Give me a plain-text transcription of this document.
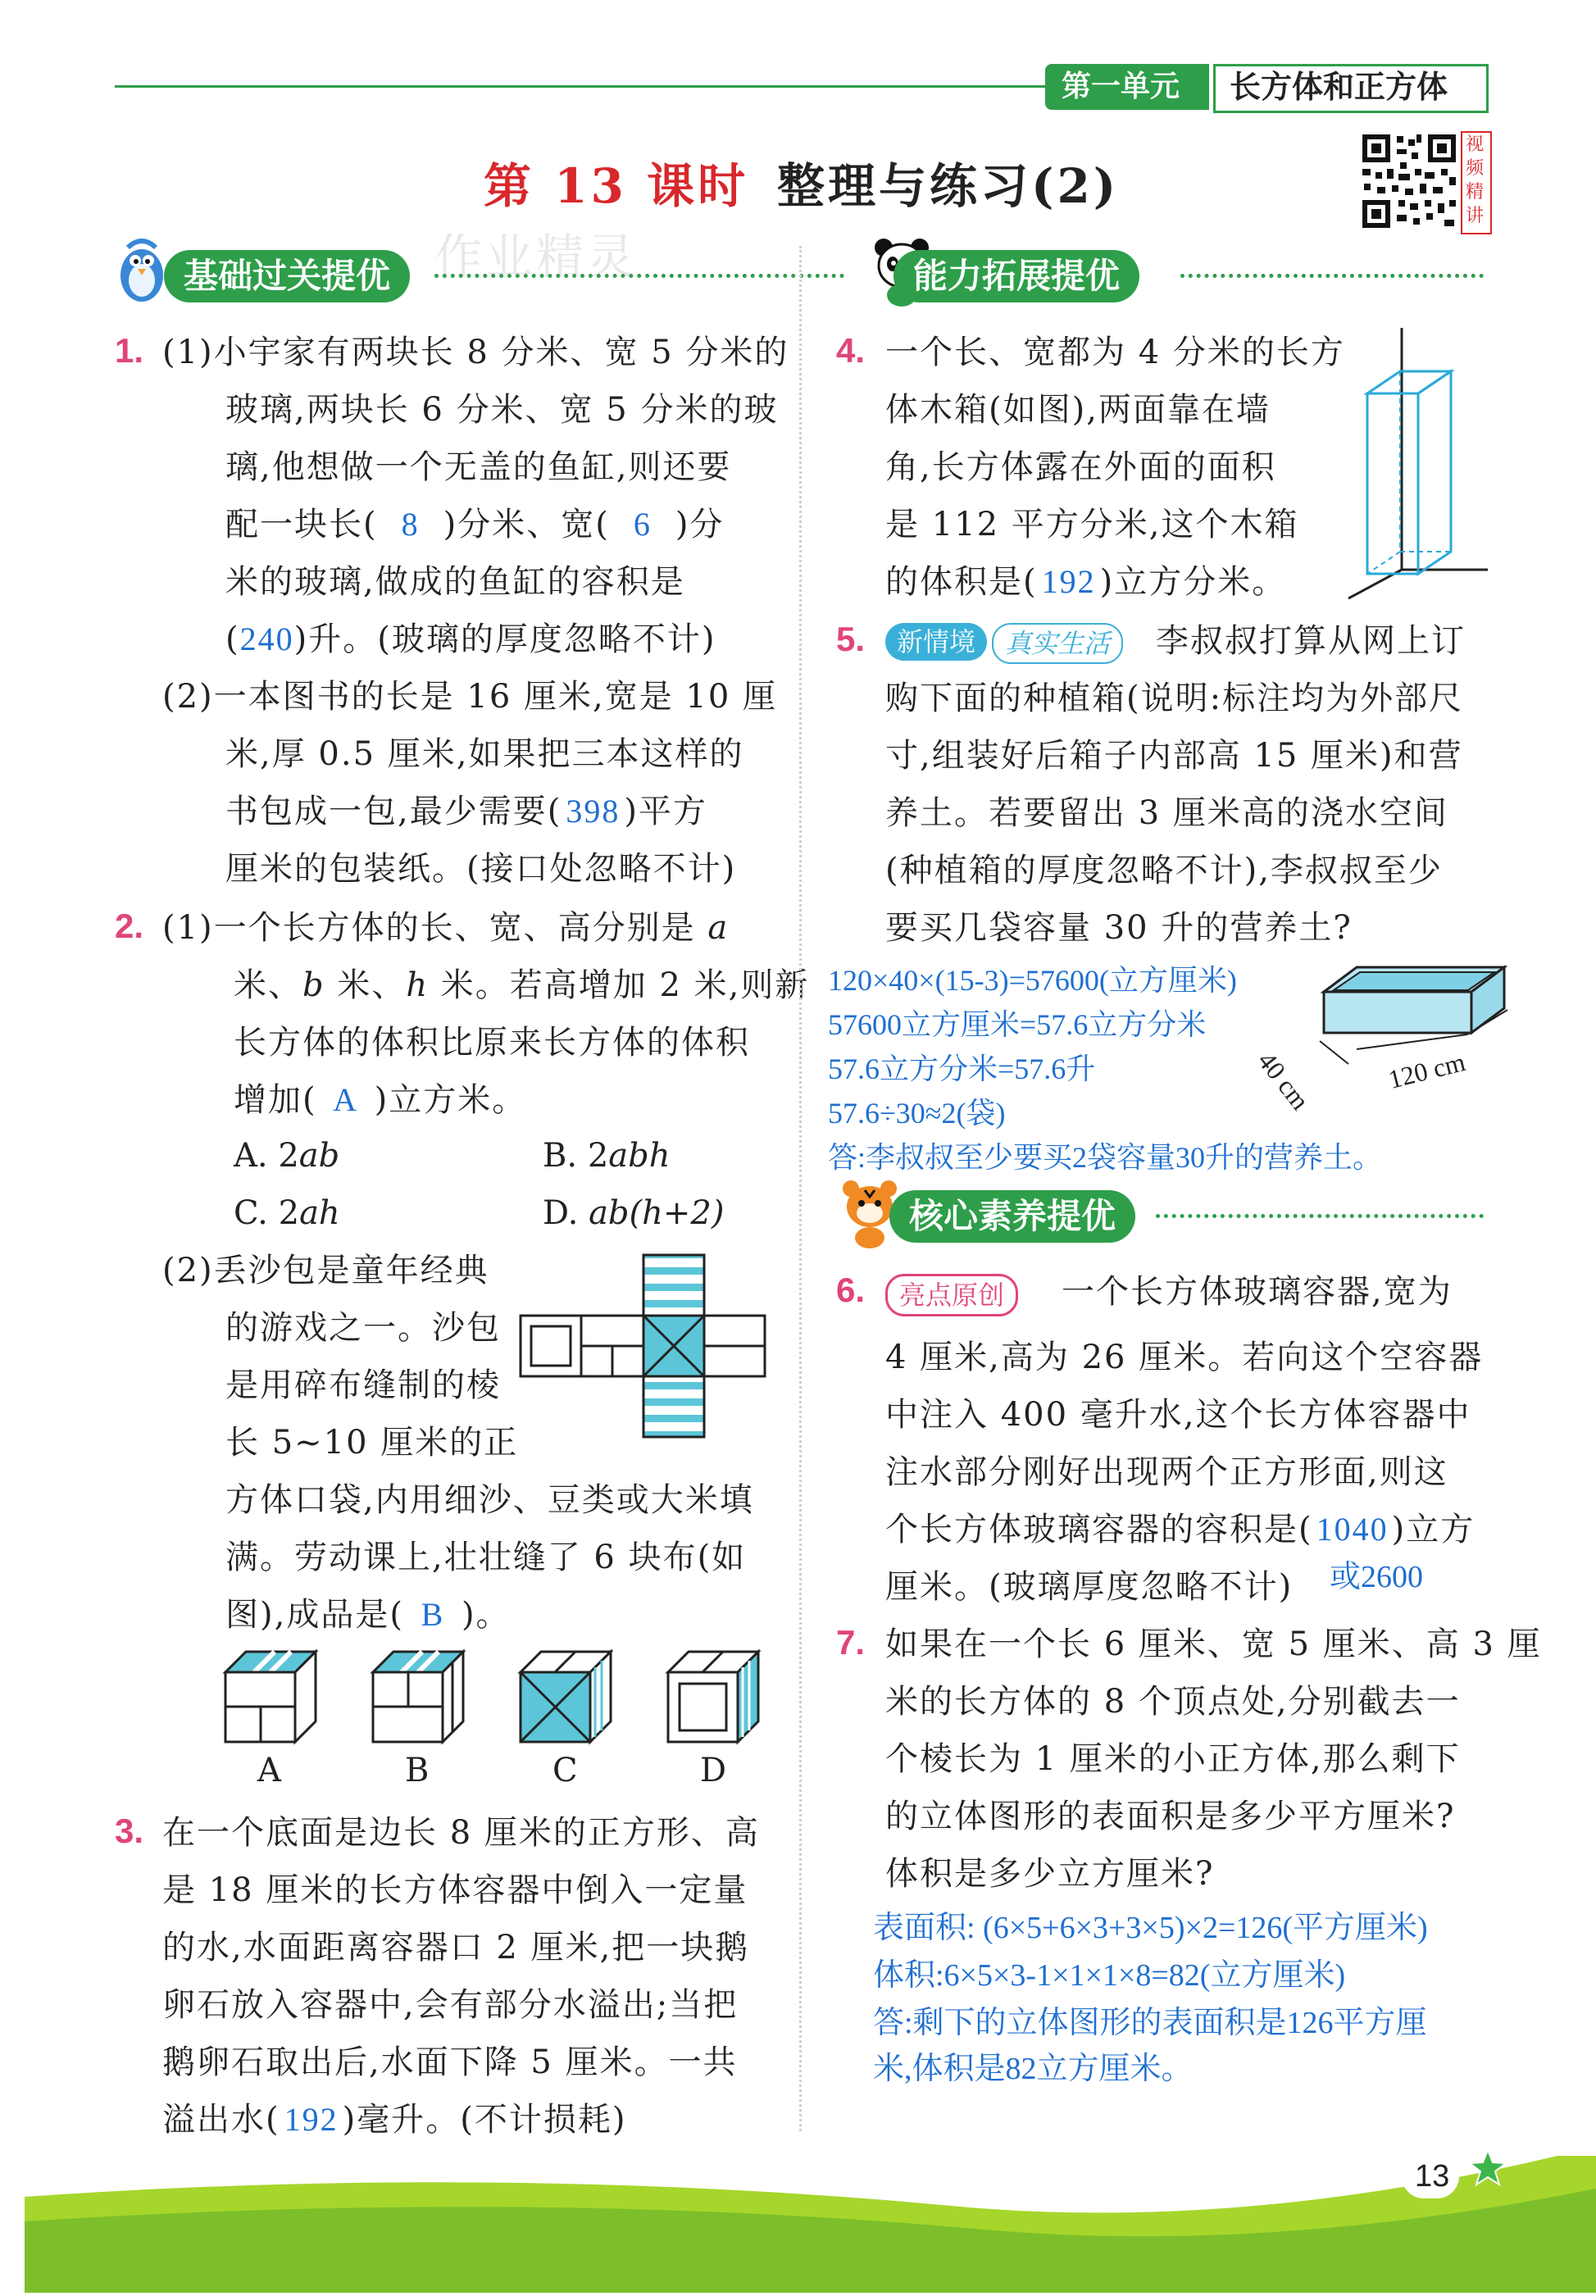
第一单元 长方体和正方体
第 13 课时 整理与练习(2)
视频精讲
基础过关提优 作业精灵
1. (1)小宇家有两块长 8 分米、宽 5 分米的
玻璃,两块长 6 分米、宽 5 分米的玻
璃,他想做一个无盖的鱼缸,则还要
配一块长( 8 )分米、宽( 6 )分
米的玻璃,做成的鱼缸的容积是
(240)升。(玻璃的厚度忽略不计)
(2)一本图书的长是 16 厘米,宽是 10 厘
米,厚 0.5 厘米,如果把三本这样的
书包成一包,最少需要( 398 )平方
厘米的包装纸。(接口处忽略不计)
2. (1)一个长方体的长、宽、高分别是 a
米、b 米、h 米。若高增加 2 米,则新
长方体的体积比原来长方体的体积
增加( A )立方米。
A. 2ab	B. 2abh
C. 2ah	D. ab(h+2)
(2)丢沙包是童年经典
的游戏之一。沙包
是用碎布缝制的棱
长 5~10 厘米的正
方体口袋,内用细沙、豆类或大米填
满。劳动课上,壮壮缝了 6 块布(如
图),成品是( B )。
A	B	C	D
3. 在一个底面是边长 8 厘米的正方形、高
是 18 厘米的长方体容器中倒入一定量
的水,水面距离容器口 2 厘米,把一块鹅
卵石放入容器中,会有部分水溢出;当把
鹅卵石取出后,水面下降 5 厘米。一共
溢出水( 192 )毫升。(不计损耗)
能力拓展提优
4. 一个长、宽都为 4 分米的长方
体木箱(如图),两面靠在墙
角,长方体露在外面的面积
是 112 平方分米,这个木箱
的体积是( 192 )立方分米。
5.	新情境	真实生活	李叔叔打算从网上订
购下面的种植箱(说明:标注均为外部尺
寸,组装好后箱子内部高 15 厘米)和营
养土。若要留出 3 厘米高的浇水空间
(种植箱的厚度忽略不计),李叔叔至少
要买几袋容量 30 升的营养土?
120×40×(15-3)=57600(立方厘米)
57600立方厘米=57.6立方分米
57.6立方分米=57.6升
57.6÷30≈2(袋)
答:李叔叔至少要买2袋容量30升的营养土。
40 cm	120 cm
核心素养提优
6.	亮点原创	一个长方体玻璃容器,宽为
4 厘米,高为 26 厘米。若向这个空容器
中注入 400 毫升水,这个长方体容器中
注水部分刚好出现两个正方形面,则这
个长方体玻璃容器的容积是( 1040 )立方
厘米。(玻璃厚度忽略不计) 或2600
7. 如果在一个长 6 厘米、宽 5 厘米、高 3 厘
米的长方体的 8 个顶点处,分别截去一
个棱长为 1 厘米的小正方体,那么剩下
的立体图形的表面积是多少平方厘米?
体积是多少立方厘米?
表面积: (6×5+6×3+3×5)×2=126(平方厘米)
体积:6×5×3-1×1×1×8=82(立方厘米)
答:剩下的立体图形的表面积是126平方厘
米,体积是82立方厘米。
13
